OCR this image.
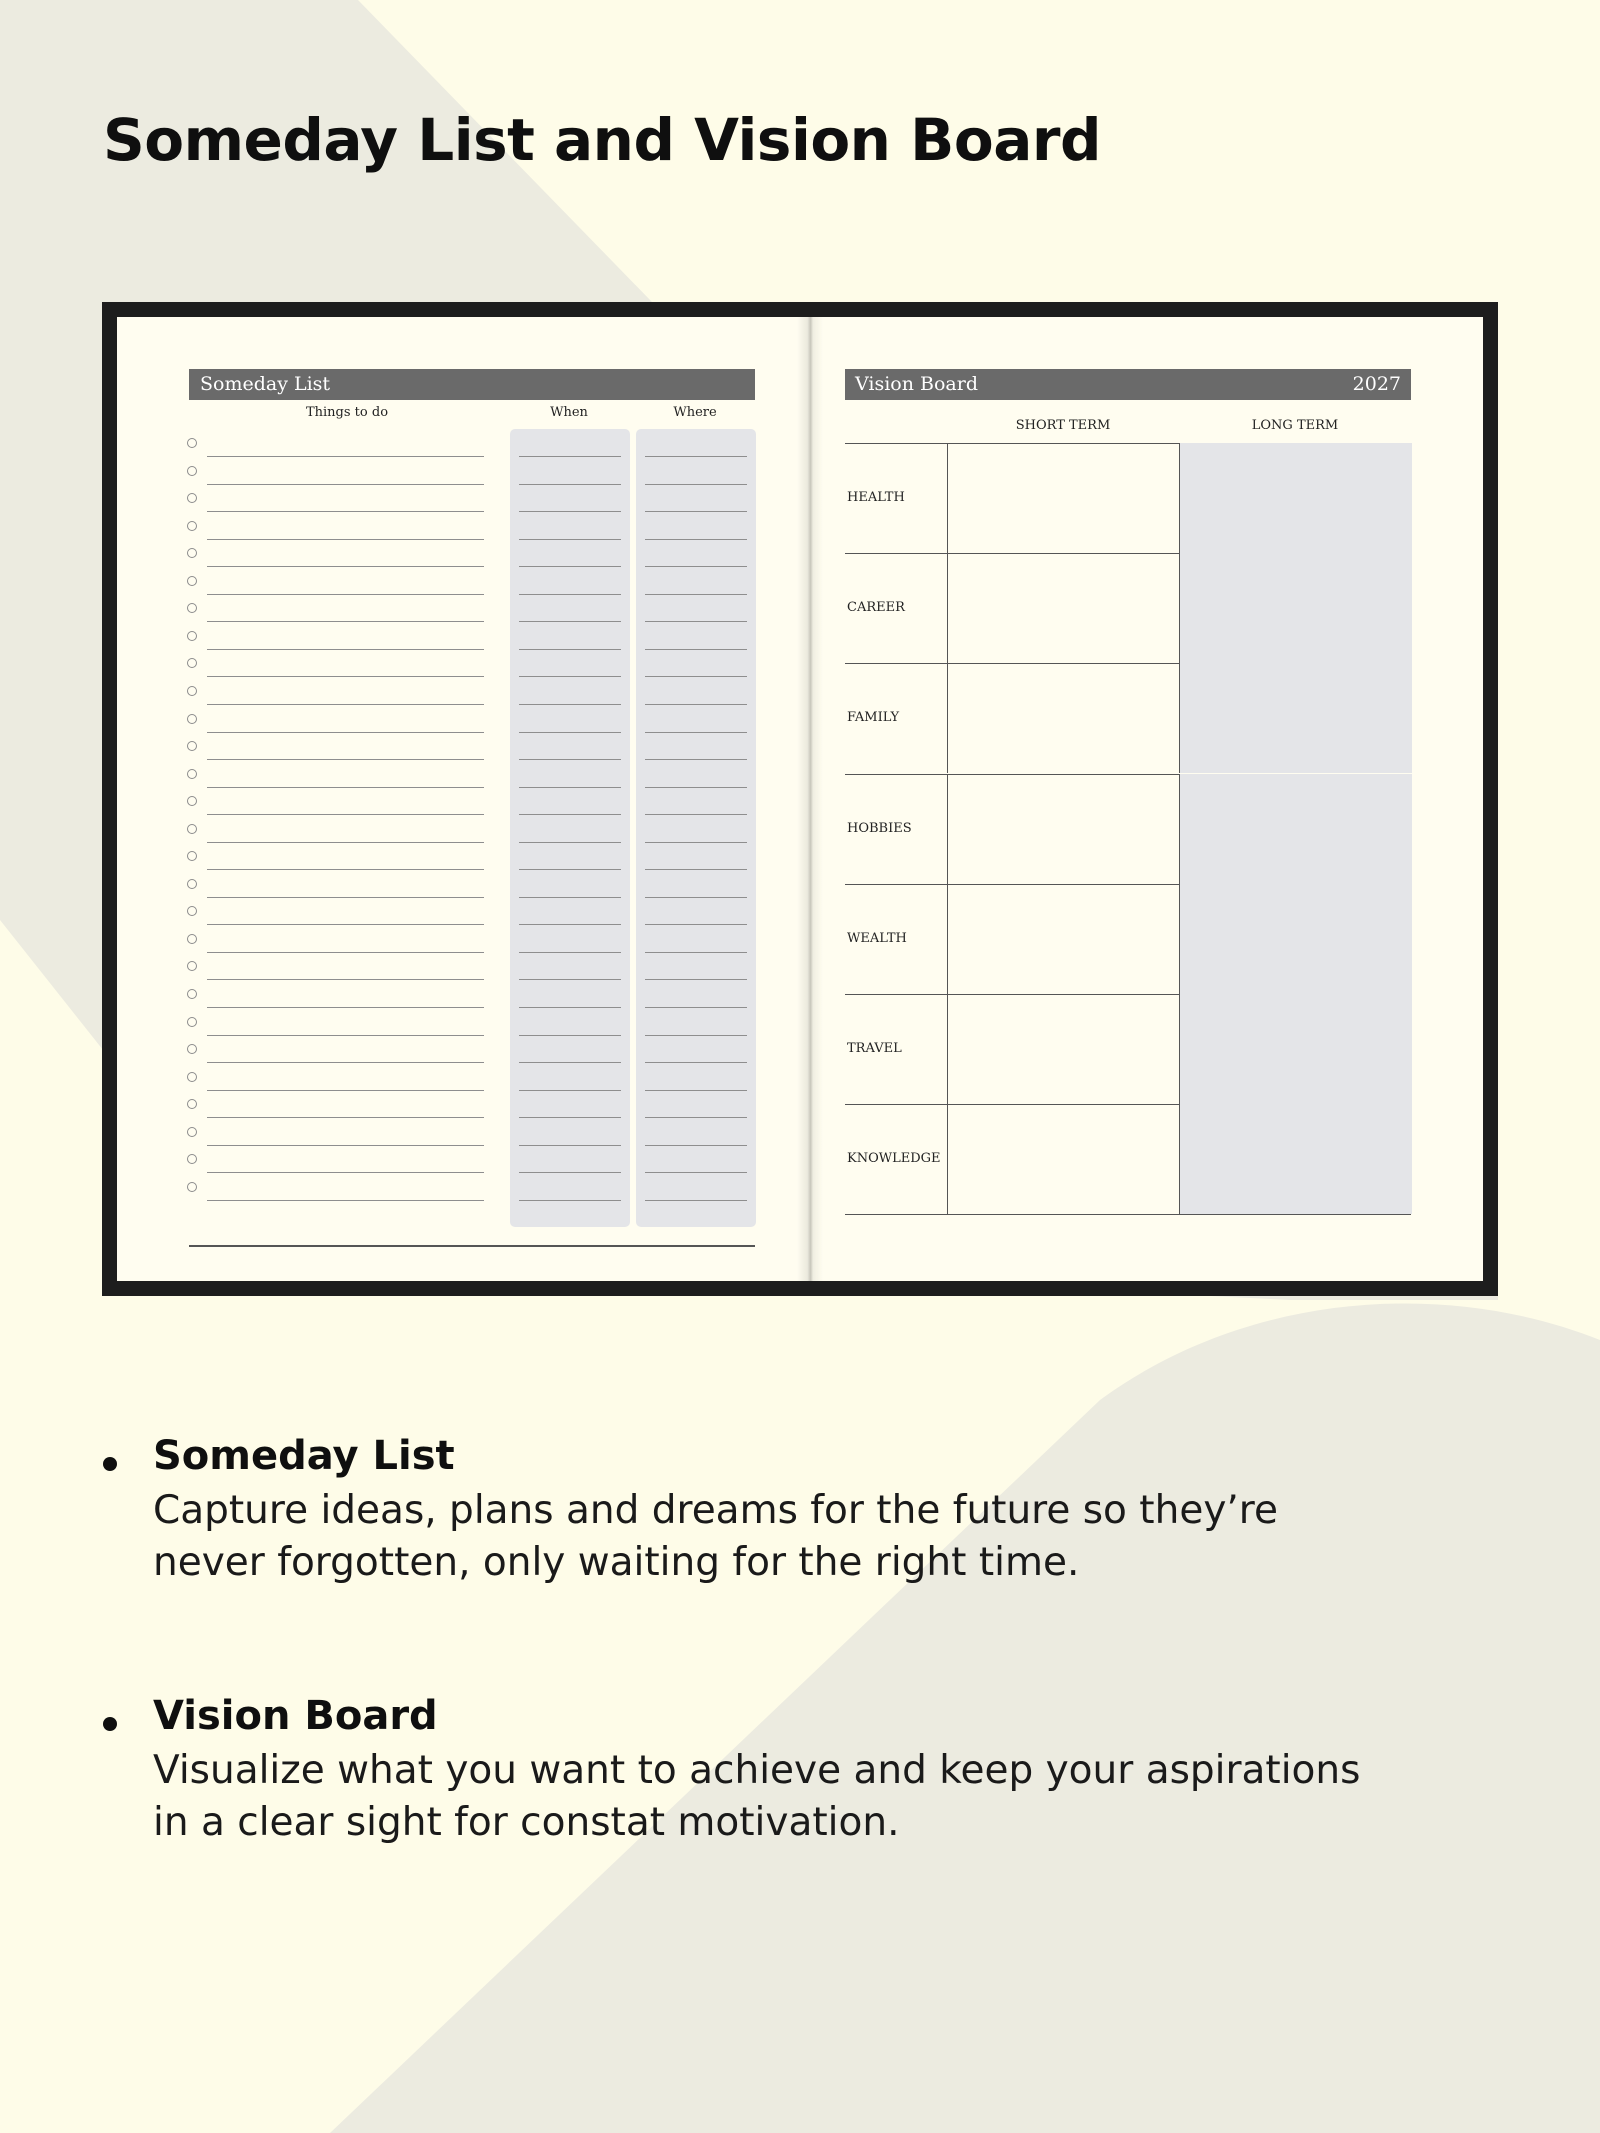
Someday List and Vision Board
Someday List
Things to do	When	Where
Vision Board	2027
SHORT TERM	LONG TERM
HEALTH
CAREER
FAMILY
HOBBIES
WEALTH
TRAVEL
KNOWLEDGE
Someday List

Capture ideas, plans and dreams for the future so they’re
never forgotten, only waiting for the right time.

Vision Board

Visualize what you want to achieve and keep your aspirations
in a clear sight for constat motivation.
